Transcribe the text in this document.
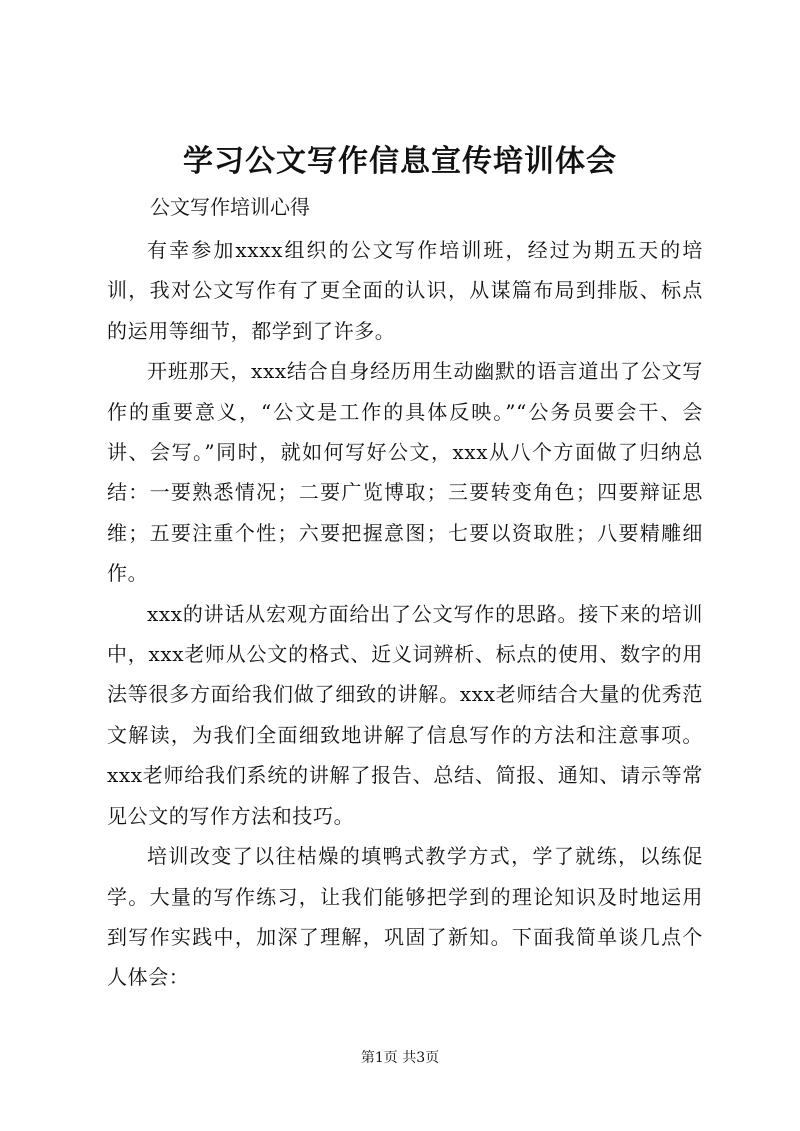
学习公文写作信息宣传培训体会
公文写作培训心得

有幸参加xxxx组织的公文写作培训班，经过为期五天的培训，我对公文写作有了更全面的认识，从谋篇布局到排版、标点的运用等细节，都学到了许多。

开班那天，xxx结合自身经历用生动幽默的语言道出了公文写作的重要意义，“公文是工作的具体反映。”“公务员要会干、会讲、会写。”同时，就如何写好公文，xxx从八个方面做了归纳总结：一要熟悉情况；二要广览博取；三要转变角色；四要辩证思维；五要注重个性；六要把握意图；七要以资取胜；八要精雕细作。

xxx的讲话从宏观方面给出了公文写作的思路。接下来的培训中，xxx老师从公文的格式、近义词辨析、标点的使用、数字的用法等很多方面给我们做了细致的讲解。xxx老师结合大量的优秀范文解读，为我们全面细致地讲解了信息写作的方法和注意事项。xxx老师给我们系统的讲解了报告、总结、简报、通知、请示等常见公文的写作方法和技巧。

培训改变了以往枯燥的填鸭式教学方式，学了就练，以练促学。大量的写作练习，让我们能够把学到的理论知识及时地运用到写作实践中，加深了理解，巩固了新知。下面我简单谈几点个人体会：

第1页 共3页
